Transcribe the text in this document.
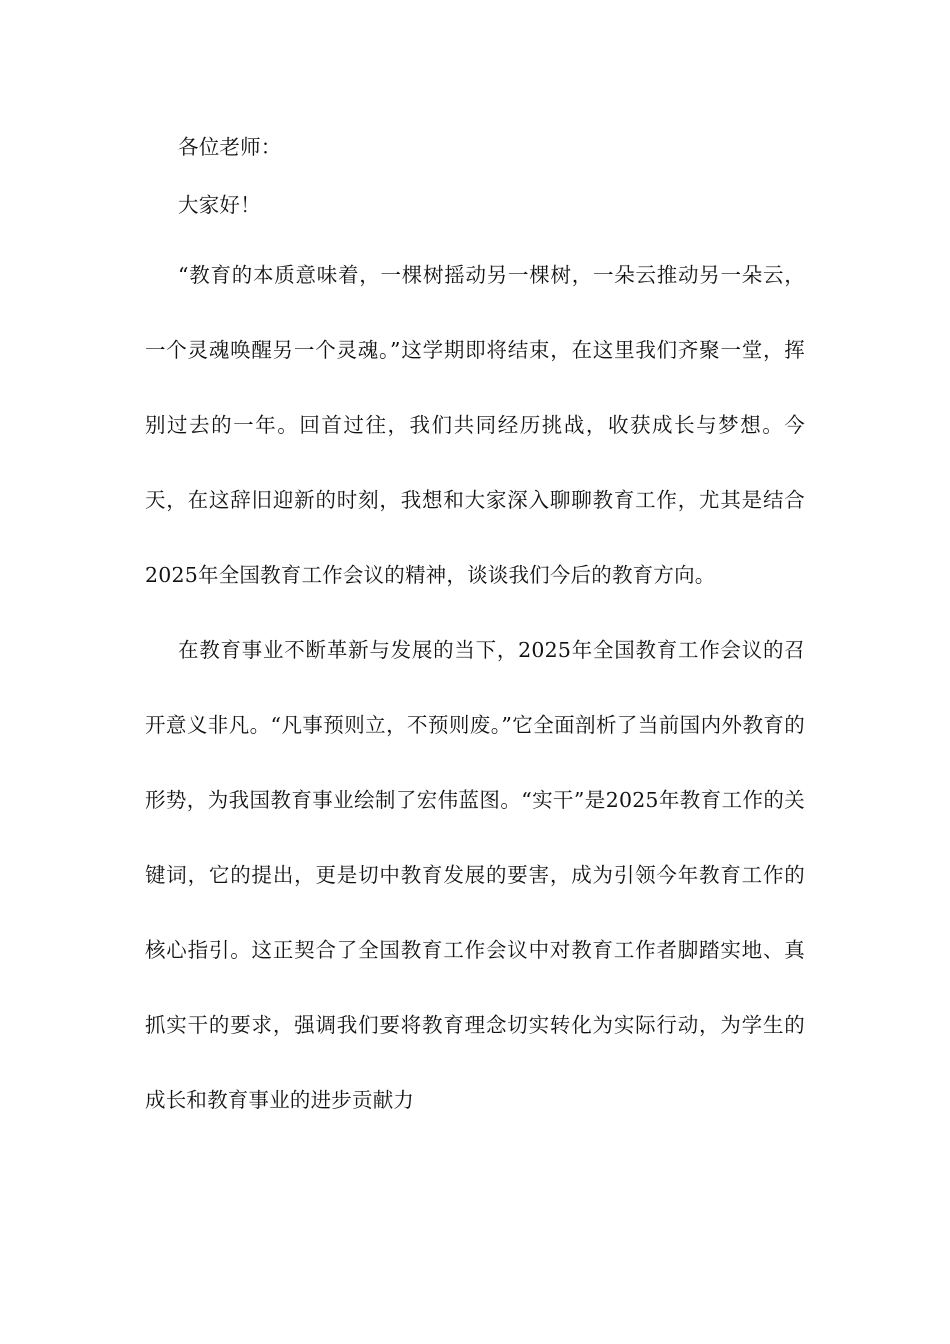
各位老师：

大家好！

“教育的本质意味着，一棵树摇动另一棵树，一朵云推动另一朵云，一个灵魂唤醒另一个灵魂。”这学期即将结束，在这里我们齐聚一堂，挥别过去的一年。回首过往，我们共同经历挑战，收获成长与梦想。今天，在这辞旧迎新的时刻，我想和大家深入聊聊教育工作，尤其是结合2025年全国教育工作会议的精神，谈谈我们今后的教育方向。

在教育事业不断革新与发展的当下，2025年全国教育工作会议的召开意义非凡。“凡事预则立，不预则废。”它全面剖析了当前国内外教育的形势，为我国教育事业绘制了宏伟蓝图。“实干”是2025年教育工作的关键词，它的提出，更是切中教育发展的要害，成为引领今年教育工作的核心指引。这正契合了全国教育工作会议中对教育工作者脚踏实地、真抓实干的要求，强调我们要将教育理念切实转化为实际行动，为学生的成长和教育事业的进步贡献力
